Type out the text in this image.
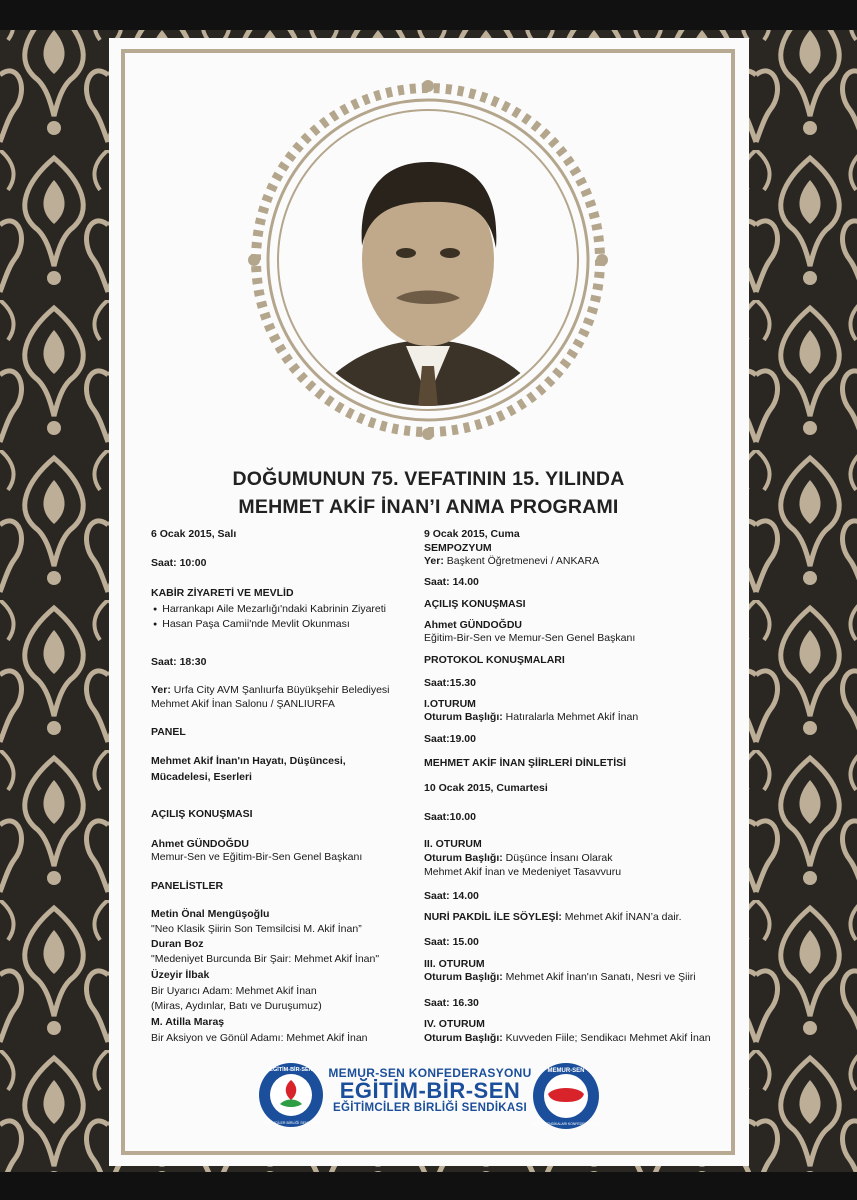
DOĞUMUNUN 75. VEFATININ 15. YILINDA
MEHMET AKİF İNAN’I ANMA PROGRAMI
6 Ocak 2015, Salı
Saat: 10:00
KABİR ZİYARETİ VE MEVLİD
● Harrankapı Aile Mezarlığı'ndaki Kabrinin Ziyareti
● Hasan Paşa Camii'nde Mevlit Okunması
Saat: 18:30
Yer: Urfa City AVM Şanlıurfa Büyükşehir Belediyesi
Mehmet Akif İnan Salonu / ŞANLIURFA
PANEL
Mehmet Akif İnan'ın Hayatı, Düşüncesi,
Mücadelesi, Eserleri
AÇILIŞ KONUŞMASI
Ahmet GÜNDOĞDU
Memur-Sen ve Eğitim-Bir-Sen Genel Başkanı
PANELİSTLER
Metin Önal Mengüşoğlu
"Neo Klasik Şiirin Son Temsilcisi M. Akif İnan”
Duran Boz
"Medeniyet Burcunda Bir Şair: Mehmet Akif İnan"
Üzeyir İlbak
Bir Uyarıcı Adam: Mehmet Akif İnan
(Miras, Aydınlar, Batı ve Duruşumuz)
M. Atilla Maraş
Bir Aksiyon ve Gönül Adamı: Mehmet Akif İnan
9 Ocak 2015, Cuma
SEMPOZYUM
Yer: Başkent Öğretmenevi / ANKARA
Saat: 14.00
AÇILIŞ KONUŞMASI
Ahmet GÜNDOĞDU
Eğitim-Bir-Sen ve Memur-Sen Genel Başkanı
PROTOKOL KONUŞMALARI
Saat:15.30
I.OTURUM
Oturum Başlığı: Hatıralarla Mehmet Akif İnan
Saat:19.00
MEHMET AKİF İNAN ŞİİRLERİ DİNLETİSİ
10 Ocak 2015, Cumartesi
Saat:10.00
II. OTURUM
Oturum Başlığı: Düşünce İnsanı Olarak
Mehmet Akif İnan ve Medeniyet Tasavvuru
Saat: 14.00
NURİ PAKDİL İLE SÖYLEŞİ: Mehmet Akif İNAN’a dair.
Saat: 15.00
III. OTURUM
Oturum Başlığı: Mehmet Akif İnan'ın Sanatı, Nesri ve Şiiri
Saat: 16.30
IV. OTURUM
Oturum Başlığı: Kuvveden Fiile; Sendikacı Mehmet Akif İnan
EĞİTİM-BİR-SEN
EĞİTİMCİLER BİRLİĞİ SENDİKASI
MEMUR-SEN KONFEDERASYONU
EĞİTİM-BİR-SEN
EĞİTİMCİLER BİRLİĞİ SENDİKASI
MEMUR-SEN
MEMUR SENDİKALARI KONFEDERASYONU
